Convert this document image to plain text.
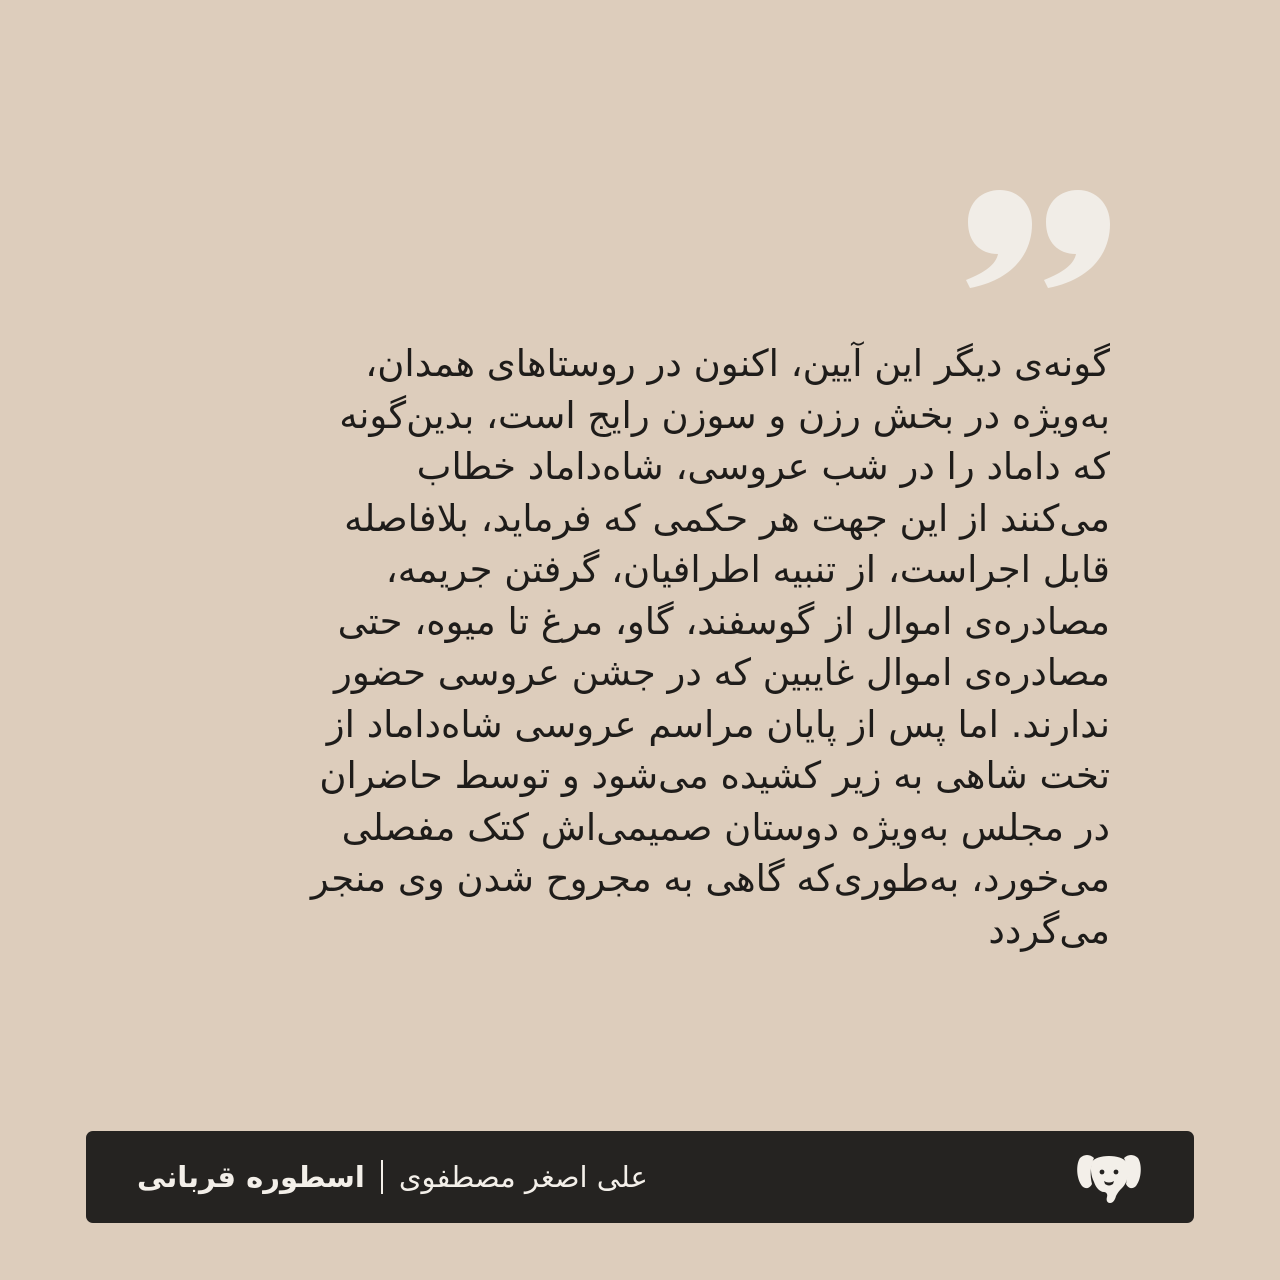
گونه‌ی دیگر این آیین، اکنون در روستاهای همدان،
به‌ویژه در بخش رزن و سوزن رایج است، بدین‌گونه
که داماد را در شب عروسی، شاه‌داماد خطاب
می‌کنند از این جهت هر حکمی که فرماید، بلافاصله
قابل اجراست، از تنبیه اطرافیان، گرفتن جریمه،
مصادره‌ی اموال از گوسفند، گاو، مرغ تا میوه، حتی
مصادره‌ی اموال غایبین که در جشن عروسی حضور
ندارند. اما پس از پایان مراسم عروسی شاه‌داماد از
تخت شاهی به زیر کشیده می‌شود و توسط حاضران
در مجلس به‌ویژه دوستان صمیمی‌اش کتک مفصلی
می‌خورد، به‌طوری‌که گاهی به مجروح شدن وی منجر
می‌گردد
اسطوره قربانی علی اصغر مصطفوی
